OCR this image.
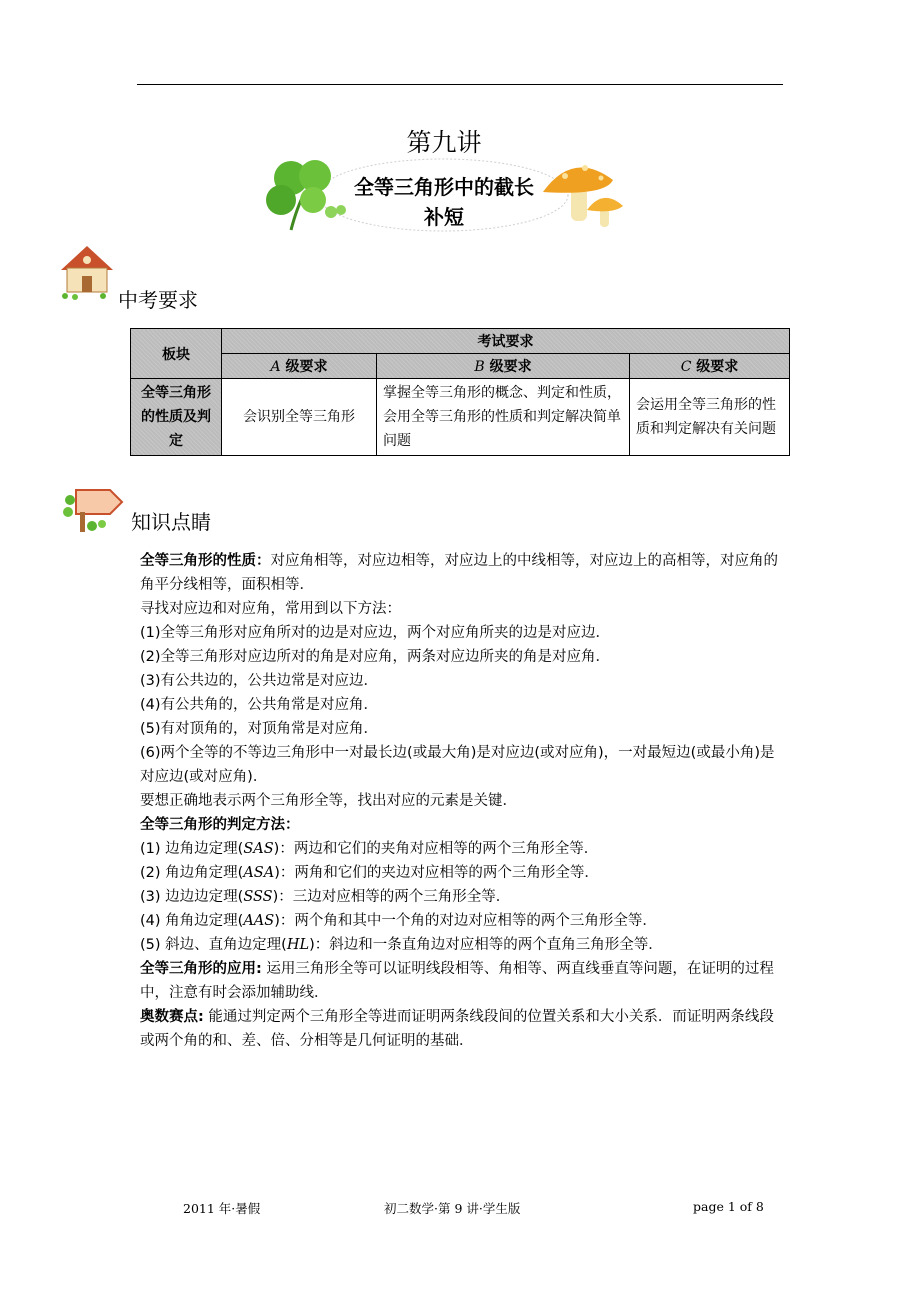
第九讲
全等三角形中的截长
补短
中考要求
板块	考试要求		
	A 级要求	B 级要求	C 级要求
全等三角形的性质及判定	会识别全等三角形	掌握全等三角形的概念、判定和性质，会用全等三角形的性质和判定解决简单问题	会运用全等三角形的性质和判定解决有关问题
知识点睛

全等三角形的性质：对应角相等，对应边相等，对应边上的中线相等，对应边上的高相等，对应角的角平分线相等，面积相等．

寻找对应边和对应角，常用到以下方法：

(1)全等三角形对应角所对的边是对应边，两个对应角所夹的边是对应边．

(2)全等三角形对应边所对的角是对应角，两条对应边所夹的角是对应角．

(3)有公共边的，公共边常是对应边．

(4)有公共角的，公共角常是对应角．

(5)有对顶角的，对顶角常是对应角．

(6)两个全等的不等边三角形中一对最长边(或最大角)是对应边(或对应角)，一对最短边(或最小角)是对应边(或对应角)．

要想正确地表示两个三角形全等，找出对应的元素是关键．

全等三角形的判定方法：

(1) 边角边定理(SAS)：两边和它们的夹角对应相等的两个三角形全等．

(2) 角边角定理(ASA)：两角和它们的夹边对应相等的两个三角形全等．

(3) 边边边定理(SSS)：三边对应相等的两个三角形全等．

(4) 角角边定理(AAS)：两个角和其中一个角的对边对应相等的两个三角形全等．

(5) 斜边、直角边定理(HL)：斜边和一条直角边对应相等的两个直角三角形全等．

全等三角形的应用: 运用三角形全等可以证明线段相等、角相等、两直线垂直等问题，在证明的过程中，注意有时会添加辅助线．

奥数赛点: 能通过判定两个三角形全等进而证明两条线段间的位置关系和大小关系．而证明两条线段或两个角的和、差、倍、分相等是几何证明的基础．

2011 年·暑假	初二数学·第 9 讲·学生版	page 1 of 8
